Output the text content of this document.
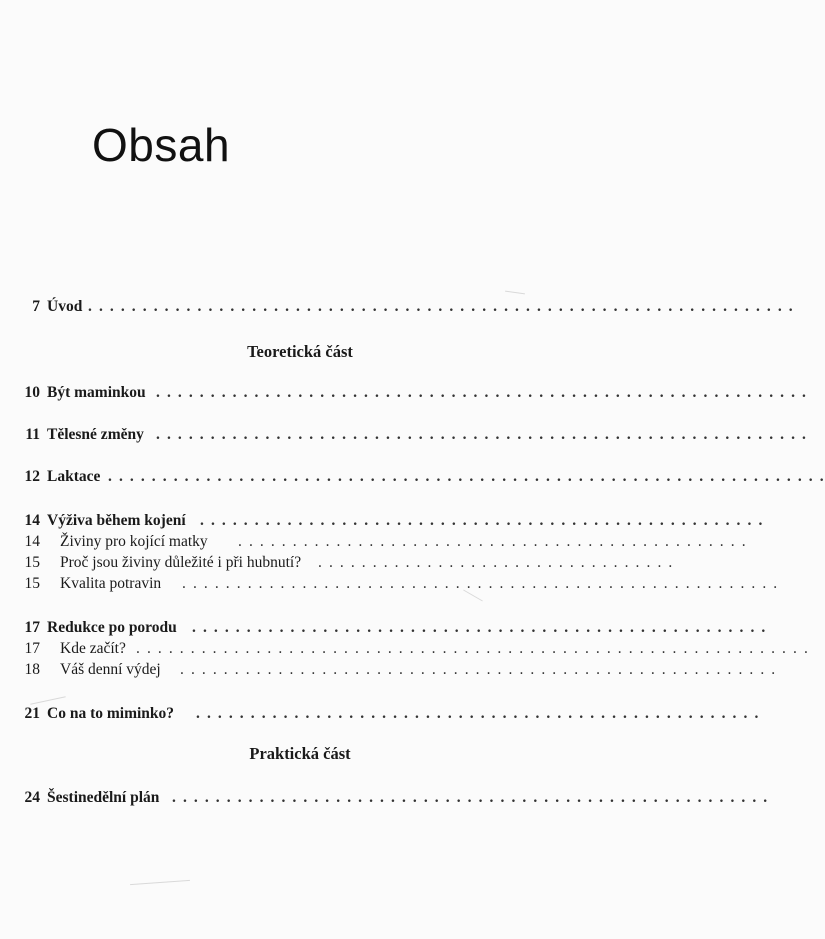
Obsah
Úvod . . . . . . . . . . . . . . . . . . . . . . . . . . . . . . . . . . . . . . . . . . . . . . . . . . . . . . . . . . . . . . . . .
7
Teoretická část
Být maminkou . . . . . . . . . . . . . . . . . . . . . . . . . . . . . . . . . . . . . . . . . . . . . . . . . . . . . . . . . . . .
10
Tělesné změny . . . . . . . . . . . . . . . . . . . . . . . . . . . . . . . . . . . . . . . . . . . . . . . . . . . . . . . . . . . .
11
Laktace . . . . . . . . . . . . . . . . . . . . . . . . . . . . . . . . . . . . . . . . . . . . . . . . . . . . . . . . . . . . . . . . . .
12
Výživa během kojení . . . . . . . . . . . . . . . . . . . . . . . . . . . . . . . . . . . . . . . . . . . . . . . . . . . .
14
Živiny pro kojící matky . . . . . . . . . . . . . . . . . . . . . . . . . . . . . . . . . . . . . . . . . . . . . . .
14
Proč jsou živiny důležité i při hubnutí? . . . . . . . . . . . . . . . . . . . . . . . . . . . . . . . . .
15
Kvalita potravin . . . . . . . . . . . . . . . . . . . . . . . . . . . . . . . . . . . . . . . . . . . . . . . . . . . . . . .
15
Redukce po porodu . . . . . . . . . . . . . . . . . . . . . . . . . . . . . . . . . . . . . . . . . . . . . . . . . . . . .
17
Kde začít? . . . . . . . . . . . . . . . . . . . . . . . . . . . . . . . . . . . . . . . . . . . . . . . . . . . . . . . . . . . . . .
17
Váš denní výdej . . . . . . . . . . . . . . . . . . . . . . . . . . . . . . . . . . . . . . . . . . . . . . . . . . . . . . .
18
Co na to miminko? . . . . . . . . . . . . . . . . . . . . . . . . . . . . . . . . . . . . . . . . . . . . . . . . . . . .
21
Praktická část
Šestinedělní plán . . . . . . . . . . . . . . . . . . . . . . . . . . . . . . . . . . . . . . . . . . . . . . . . . . . . . . .
24
